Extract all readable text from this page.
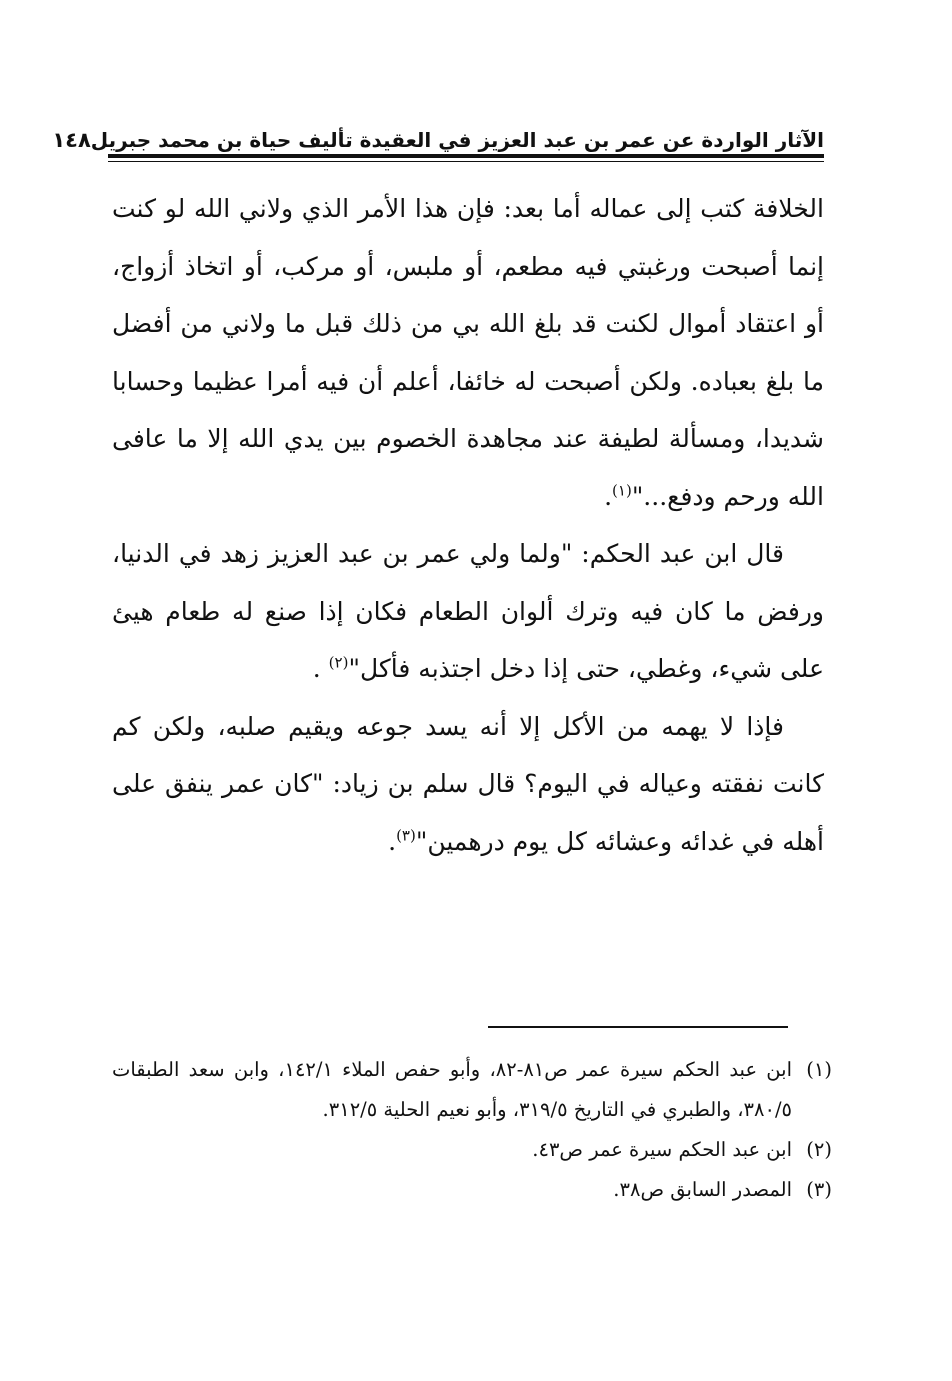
الآثار الواردة عن عمر بن عبد العزيز في العقيدة تأليف حياة بن محمد جبريل
١٤٨

الخلافة كتب إلى عماله أما بعد: فإن هذا الأمر الذي ولاني الله لو كنت إنما أصبحت ورغبتي فيه مطعم، أو ملبس، أو مركب، أو اتخاذ أزواج، أو اعتقاد أموال لكنت قد بلغ الله بي من ذلك قبل ما ولاني من أفضل ما بلغ بعباده. ولكن أصبحت له خائفا، أعلم أن فيه أمرا عظيما وحسابا شديدا، ومسألة لطيفة عند مجاهدة الخصوم بين يدي الله إلا ما عافى الله ورحم ودفع..."$^{(١)}$.

قال ابن عبد الحكم: "ولما ولي عمر بن عبد العزيز زهد في الدنيا، ورفض ما كان فيه وترك ألوان الطعام فكان إذا صنع له طعام هيئ على شيء، وغطي، حتى إذا دخل اجتذبه فأكل"$^{(٢)}$ .

فإذا لا يهمه من الأكل إلا أنه يسد جوعه ويقيم صلبه، ولكن كم كانت نفقته وعياله في اليوم؟ قال سلم بن زياد: "كان عمر ينفق على أهله في غدائه وعشائه كل يوم درهمين"$^{(٣)}$.

(١)
ابن عبد الحكم سيرة عمر ص٨١-٨٢، وأبو حفص الملاء ١٤٢/١، وابن سعد الطبقات ٣٨٠/٥، والطبري في التاريخ ٣١٩/٥، وأبو نعيم الحلية ٣١٢/٥.

(٢)
ابن عبد الحكم سيرة عمر ص٤٣.

(٣)
المصدر السابق ص٣٨.
